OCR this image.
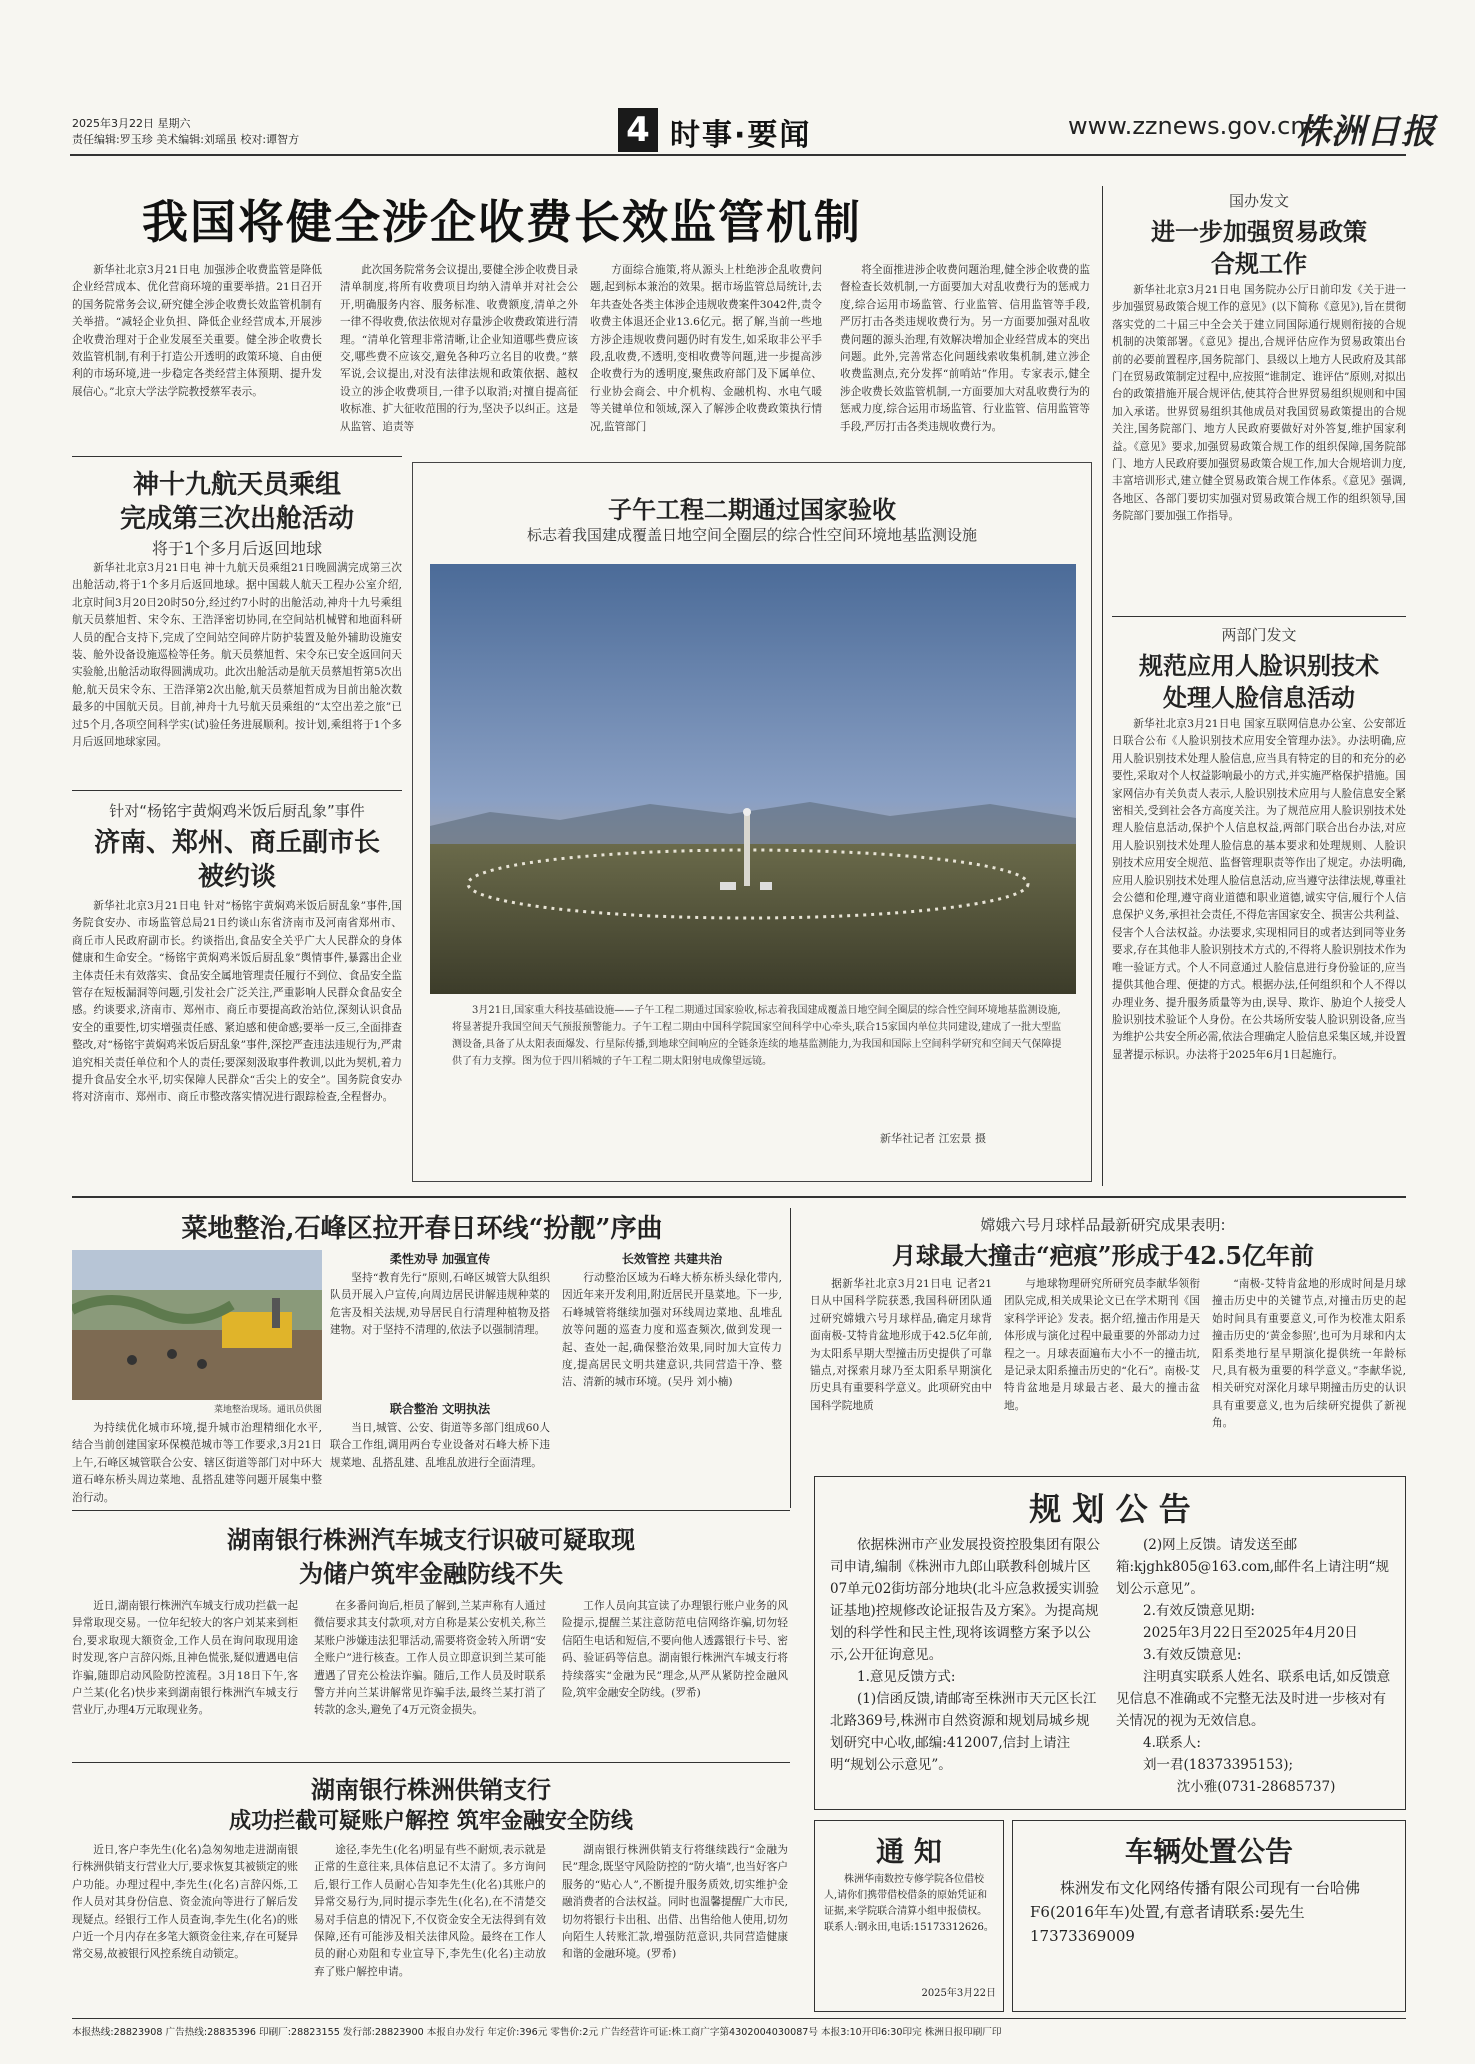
2025年3月22日 星期六
责任编辑:罗玉珍 美术编辑:刘瑶虽 校对:谭智方	4 时事·要闻	www.zznews.gov.cn
株洲日报
我国将健全涉企收费长效监管机制

新华社北京3月21日电 加强涉企收费监管是降低企业经营成本、优化营商环境的重要举措。21日召开的国务院常务会议,研究健全涉企收费长效监管机制有关举措。“减轻企业负担、降低企业经营成本,开展涉企收费治理对于企业发展至关重要。健全涉企收费长效监管机制,有利于打造公开透明的政策环境、自由便利的市场环境,进一步稳定各类经营主体预期、提升发展信心。”北京大学法学院教授蔡军表示。

此次国务院常务会议提出,要健全涉企收费目录清单制度,将所有收费项目均纳入清单并对社会公开,明确服务内容、服务标准、收费额度,清单之外一律不得收费,依法依规对存量涉企收费政策进行清理。“清单化管理非常清晰,让企业知道哪些费应该交,哪些费不应该交,避免各种巧立名目的收费。”蔡军说,会议提出,对没有法律法规和政策依据、越权设立的涉企收费项目,一律予以取消;对擅自提高征收标准、扩大征收范围的行为,坚决予以纠正。这是从监管、追责等

方面综合施策,将从源头上杜绝涉企乱收费问题,起到标本兼治的效果。据市场监管总局统计,去年共查处各类主体涉企违规收费案件3042件,责令收费主体退还企业13.6亿元。据了解,当前一些地方涉企违规收费问题仍时有发生,如采取非公平手段,乱收费,不透明,变相收费等问题,进一步提高涉企收费行为的透明度,聚焦政府部门及下属单位、行业协会商会、中介机构、金融机构、水电气暖等关键单位和领域,深入了解涉企收费政策执行情况,监管部门

将全面推进涉企收费问题治理,健全涉企收费的监督检查长效机制,一方面要加大对乱收费行为的惩戒力度,综合运用市场监管、行业监管、信用监管等手段,严厉打击各类违规收费行为。另一方面要加强对乱收费问题的源头治理,有效解决增加企业经营成本的突出问题。此外,完善常态化问题线索收集机制,建立涉企收费监测点,充分发挥“前哨站”作用。专家表示,健全涉企收费长效监管机制,一方面要加大对乱收费行为的惩戒力度,综合运用市场监管、行业监管、信用监管等手段,严厉打击各类违规收费行为。

神十九航天员乘组
完成第三次出舱活动
将于1个多月后返回地球

新华社北京3月21日电 神十九航天员乘组21日晚圆满完成第三次出舱活动,将于1个多月后返回地球。据中国载人航天工程办公室介绍,北京时间3月20日20时50分,经过约7小时的出舱活动,神舟十九号乘组航天员蔡旭哲、宋令东、王浩泽密切协同,在空间站机械臂和地面科研人员的配合支持下,完成了空间站空间碎片防护装置及舱外辅助设施安装、舱外设备设施巡检等任务。航天员蔡旭哲、宋令东已安全返回问天实验舱,出舱活动取得圆满成功。此次出舱活动是航天员蔡旭哲第5次出舱,航天员宋令东、王浩泽第2次出舱,航天员蔡旭哲成为目前出舱次数最多的中国航天员。目前,神舟十九号航天员乘组的“太空出差之旅”已过5个月,各项空间科学实(试)验任务进展顺利。按计划,乘组将于1个多月后返回地球家园。

针对“杨铭宇黄焖鸡米饭后厨乱象”事件
济南、郑州、商丘副市长
被约谈

新华社北京3月21日电 针对“杨铭宇黄焖鸡米饭后厨乱象”事件,国务院食安办、市场监管总局21日约谈山东省济南市及河南省郑州市、商丘市人民政府副市长。约谈指出,食品安全关乎广大人民群众的身体健康和生命安全。“杨铭宇黄焖鸡米饭后厨乱象”舆情事件,暴露出企业主体责任未有效落实、食品安全属地管理责任履行不到位、食品安全监管存在短板漏洞等问题,引发社会广泛关注,严重影响人民群众食品安全感。约谈要求,济南市、郑州市、商丘市要提高政治站位,深刻认识食品安全的重要性,切实增强责任感、紧迫感和使命感;要举一反三,全面排查整改,对“杨铭宇黄焖鸡米饭后厨乱象”事件,深挖严查违法违规行为,严肃追究相关责任单位和个人的责任;要深刻汲取事件教训,以此为契机,着力提升食品安全水平,切实保障人民群众“舌尖上的安全”。国务院食安办将对济南市、郑州市、商丘市整改落实情况进行跟踪检查,全程督办。

子午工程二期通过国家验收
标志着我国建成覆盖日地空间全圈层的综合性空间环境地基监测设施
3月21日,国家重大科技基础设施——子午工程二期通过国家验收,标志着我国建成覆盖日地空间全圈层的综合性空间环境地基监测设施,将显著提升我国空间天气预报预警能力。子午工程二期由中国科学院国家空间科学中心牵头,联合15家国内单位共同建设,建成了一批大型监测设备,具备了从太阳表面爆发、行星际传播,到地球空间响应的全链条连续的地基监测能力,为我国和国际上空间科学研究和空间天气保障提供了有力支撑。图为位于四川稻城的子午工程二期太阳射电成像望远镜。
新华社记者 江宏景 摄
国办发文
进一步加强贸易政策
合规工作

新华社北京3月21日电 国务院办公厅日前印发《关于进一步加强贸易政策合规工作的意见》(以下简称《意见》),旨在贯彻落实党的二十届三中全会关于建立同国际通行规则衔接的合规机制的决策部署。《意见》提出,合规评估应作为贸易政策出台前的必要前置程序,国务院部门、县级以上地方人民政府及其部门在贸易政策制定过程中,应按照“谁制定、谁评估”原则,对拟出台的政策措施开展合规评估,使其符合世界贸易组织规则和中国加入承诺。世界贸易组织其他成员对我国贸易政策提出的合规关注,国务院部门、地方人民政府要做好对外答复,维护国家利益。《意见》要求,加强贸易政策合规工作的组织保障,国务院部门、地方人民政府要加强贸易政策合规工作,加大合规培训力度,丰富培训形式,建立健全贸易政策合规工作体系。《意见》强调,各地区、各部门要切实加强对贸易政策合规工作的组织领导,国务院部门要加强工作指导。

两部门发文
规范应用人脸识别技术
处理人脸信息活动

新华社北京3月21日电 国家互联网信息办公室、公安部近日联合公布《人脸识别技术应用安全管理办法》。办法明确,应用人脸识别技术处理人脸信息,应当具有特定的目的和充分的必要性,采取对个人权益影响最小的方式,并实施严格保护措施。国家网信办有关负责人表示,人脸识别技术应用与人脸信息安全紧密相关,受到社会各方高度关注。为了规范应用人脸识别技术处理人脸信息活动,保护个人信息权益,两部门联合出台办法,对应用人脸识别技术处理人脸信息的基本要求和处理规则、人脸识别技术应用安全规范、监督管理职责等作出了规定。办法明确,应用人脸识别技术处理人脸信息活动,应当遵守法律法规,尊重社会公德和伦理,遵守商业道德和职业道德,诚实守信,履行个人信息保护义务,承担社会责任,不得危害国家安全、损害公共利益、侵害个人合法权益。办法要求,实现相同目的或者达到同等业务要求,存在其他非人脸识别技术方式的,不得将人脸识别技术作为唯一验证方式。个人不同意通过人脸信息进行身份验证的,应当提供其他合理、便捷的方式。根据办法,任何组织和个人不得以办理业务、提升服务质量等为由,误导、欺诈、胁迫个人接受人脸识别技术验证个人身份。在公共场所安装人脸识别设备,应当为维护公共安全所必需,依法合理确定人脸信息采集区域,并设置显著提示标识。办法将于2025年6月1日起施行。

菜地整治,石峰区拉开春日环线“扮靓”序曲
菜地整治现场。通讯员供图

为持续优化城市环境,提升城市治理精细化水平,结合当前创建国家环保模范城市等工作要求,3月21日上午,石峰区城管联合公安、辖区街道等部门对中环大道石峰东桥头周边菜地、乱搭乱建等问题开展集中整治行动。

柔性劝导 加强宣传

坚持“教育先行”原则,石峰区城管大队组织队员开展入户宣传,向周边居民讲解违规种菜的危害及相关法规,劝导居民自行清理种植物及搭建物。对于坚持不清理的,依法予以强制清理。

联合整治 文明执法

当日,城管、公安、街道等多部门组成60人联合工作组,调用两台专业设备对石峰大桥下违规菜地、乱搭乱建、乱堆乱放进行全面清理。

长效管控 共建共治

行动整治区域为石峰大桥东桥头绿化带内,因近年来开发利用,附近居民开垦菜地。下一步,石峰城管将继续加强对环线周边菜地、乱堆乱放等问题的巡查力度和巡查频次,做到发现一起、查处一起,确保整治效果,同时加大宣传力度,提高居民文明共建意识,共同营造干净、整洁、清新的城市环境。(吴丹 刘小楠)

嫦娥六号月球样品最新研究成果表明:
月球最大撞击“疤痕”形成于42.5亿年前

据新华社北京3月21日电 记者21日从中国科学院获悉,我国科研团队通过研究嫦娥六号月球样品,确定月球背面南极-艾特肯盆地形成于42.5亿年前,为太阳系早期大型撞击历史提供了可靠锚点,对探索月球乃至太阳系早期演化历史具有重要科学意义。此项研究由中国科学院地质

与地球物理研究所研究员李献华领衔团队完成,相关成果论文已在学术期刊《国家科学评论》发表。据介绍,撞击作用是天体形成与演化过程中最重要的外部动力过程之一。月球表面遍布大小不一的撞击坑,是记录太阳系撞击历史的“化石”。南极-艾特肯盆地是月球最古老、最大的撞击盆地。

“南极-艾特肯盆地的形成时间是月球撞击历史中的关键节点,对撞击历史的起始时间具有重要意义,可作为校准太阳系撞击历史的‘黄金参照’,也可为月球和内太阳系类地行星早期演化提供统一年龄标尺,具有极为重要的科学意义。”李献华说,相关研究对深化月球早期撞击历史的认识具有重要意义,也为后续研究提供了新视角。

湖南银行株洲汽车城支行识破可疑取现
为储户筑牢金融防线不失

近日,湖南银行株洲汽车城支行成功拦截一起异常取现交易。一位年纪较大的客户刘某来到柜台,要求取现大额资金,工作人员在询问取现用途时发现,客户言辞闪烁,且神色慌张,疑似遭遇电信诈骗,随即启动风险防控流程。3月18日下午,客户兰某(化名)快步来到湖南银行株洲汽车城支行营业厅,办理4万元取现业务。

在多番问询后,柜员了解到,兰某声称有人通过微信要求其支付款项,对方自称是某公安机关,称兰某账户涉嫌违法犯罪活动,需要将资金转入所谓“安全账户”进行核查。工作人员立即意识到兰某可能遭遇了冒充公检法诈骗。随后,工作人员及时联系警方并向兰某讲解常见诈骗手法,最终兰某打消了转款的念头,避免了4万元资金损失。

工作人员向其宣读了办理银行账户业务的风险提示,提醒兰某注意防范电信网络诈骗,切勿轻信陌生电话和短信,不要向他人透露银行卡号、密码、验证码等信息。湖南银行株洲汽车城支行将持续落实“金融为民”理念,从严从紧防控金融风险,筑牢金融安全防线。(罗希)

湖南银行株洲供销支行
成功拦截可疑账户解控 筑牢金融安全防线

近日,客户李先生(化名)急匆匆地走进湖南银行株洲供销支行营业大厅,要求恢复其被锁定的账户功能。办理过程中,李先生(化名)言辞闪烁,工作人员对其身份信息、资金流向等进行了解后发现疑点。经银行工作人员查询,李先生(化名)的账户近一个月内存在多笔大额资金往来,存在可疑异常交易,故被银行风控系统自动锁定。

途径,李先生(化名)明显有些不耐烦,表示就是正常的生意往来,具体信息记不太清了。多方询问后,银行工作人员耐心告知李先生(化名)其账户的异常交易行为,同时提示李先生(化名),在不清楚交易对手信息的情况下,不仅资金安全无法得到有效保障,还有可能涉及相关法律风险。最终在工作人员的耐心劝阻和专业宣导下,李先生(化名)主动放弃了账户解控申请。

湖南银行株洲供销支行将继续践行“金融为民”理念,既坚守风险防控的“防火墙”,也当好客户服务的“贴心人”,不断提升服务质效,切实维护金融消费者的合法权益。同时也温馨提醒广大市民,切勿将银行卡出租、出借、出售给他人使用,切勿向陌生人转账汇款,增强防范意识,共同营造健康和谐的金融环境。(罗希)

规 划 公 告

依据株洲市产业发展投资控股集团有限公司申请,编制《株洲市九郎山联教科创城片区07单元02街坊部分地块(北斗应急救援实训验证基地)控规修改论证报告及方案》。为提高规划的科学性和民主性,现将该调整方案予以公示,公开征询意见。

1.意见反馈方式:

(1)信函反馈,请邮寄至株洲市天元区长江北路369号,株洲市自然资源和规划局城乡规划研究中心收,邮编:412007,信封上请注明“规划公示意见”。

(2)网上反馈。请发送至邮箱:kjghk805@163.com,邮件名上请注明“规划公示意见”。

2.有效反馈意见期:

2025年3月22日至2025年4月20日

3.有效反馈意见:

注明真实联系人姓名、联系电话,如反馈意见信息不准确或不完整无法及时进一步核对有关情况的视为无效信息。

4.联系人:

刘一君(18373395153);

沈小雅(0731-28685737)

通 知
株洲华南数控专修学院各位借校人,请你们携带借校借条的原始凭证和证据,来学院联合清算小组申报债权。联系人:钢永田,电话:15173312626。
2025年3月22日
车辆处置公告
株洲发布文化网络传播有限公司现有一台哈佛F6(2016年车)处置,有意者请联系:晏先生 17373369009
本报热线:28823908 广告热线:28835396 印刷厂:28823155 发行部:28823900 本报自办发行 年定价:396元 零售价:2元 广告经营许可证:株工商广字第4302004030087号 本报3:10开印6:30印完 株洲日报印刷厂印
